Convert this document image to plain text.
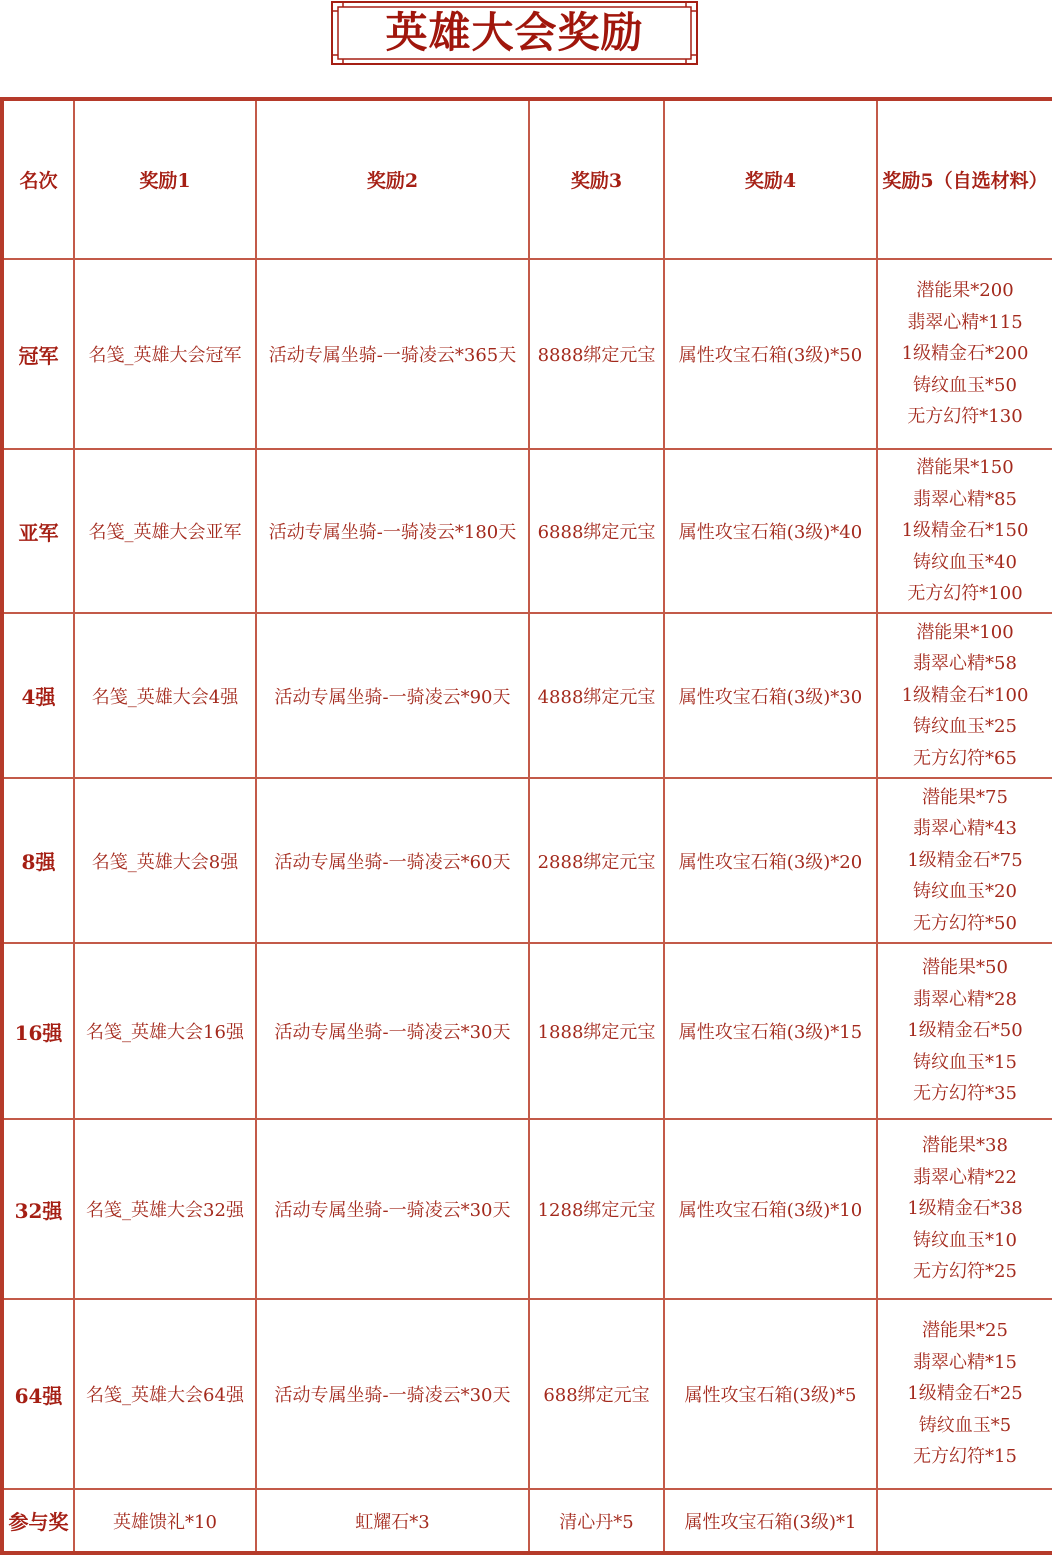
英雄大会奖励
名次	奖励1	奖励2	奖励3	奖励4	奖励5（自选材料）
冠军	名笺_英雄大会冠军	活动专属坐骑-一骑凌云*365天	8888绑定元宝	属性攻宝石箱(3级)*50	潜能果*200
翡翠心精*115
1级精金石*200
铸纹血玉*50
无方幻符*130

亚军	名笺_英雄大会亚军	活动专属坐骑-一骑凌云*180天	6888绑定元宝	属性攻宝石箱(3级)*40	潜能果*150
翡翠心精*85
1级精金石*150
铸纹血玉*40
无方幻符*100

4强	名笺_英雄大会4强	活动专属坐骑-一骑凌云*90天	4888绑定元宝	属性攻宝石箱(3级)*30	潜能果*100
翡翠心精*58
1级精金石*100
铸纹血玉*25
无方幻符*65

8强	名笺_英雄大会8强	活动专属坐骑-一骑凌云*60天	2888绑定元宝	属性攻宝石箱(3级)*20	潜能果*75
翡翠心精*43
1级精金石*75
铸纹血玉*20
无方幻符*50

16强	名笺_英雄大会16强	活动专属坐骑-一骑凌云*30天	1888绑定元宝	属性攻宝石箱(3级)*15	潜能果*50
翡翠心精*28
1级精金石*50
铸纹血玉*15
无方幻符*35

32强	名笺_英雄大会32强	活动专属坐骑-一骑凌云*30天	1288绑定元宝	属性攻宝石箱(3级)*10	潜能果*38
翡翠心精*22
1级精金石*38
铸纹血玉*10
无方幻符*25

64强	名笺_英雄大会64强	活动专属坐骑-一骑凌云*30天	688绑定元宝	属性攻宝石箱(3级)*5	潜能果*25
翡翠心精*15
1级精金石*25
铸纹血玉*5
无方幻符*15

参与奖	英雄馈礼*10	虹耀石*3	清心丹*5	属性攻宝石箱(3级)*1	
